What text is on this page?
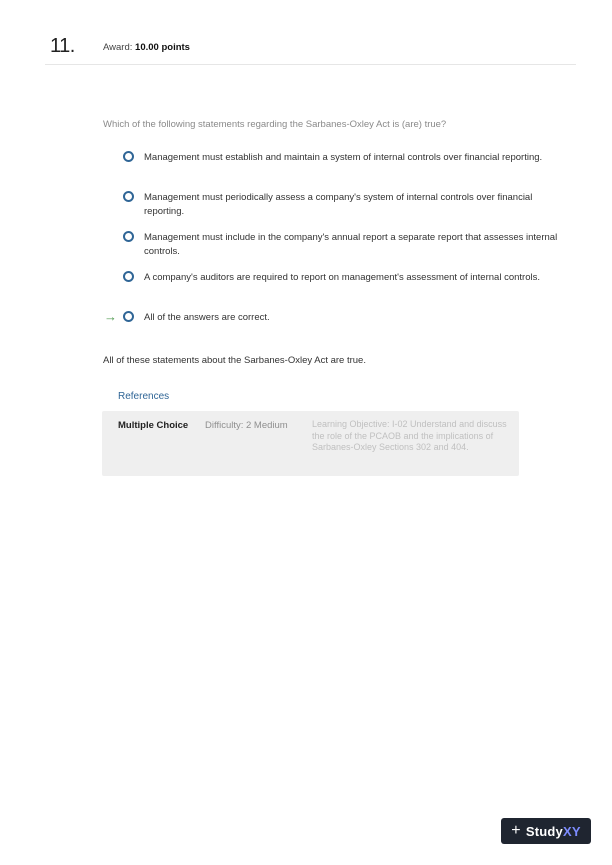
11.	Award: 10.00 points
Which of the following statements regarding the Sarbanes-Oxley Act is (are) true?
Management must establish and maintain a system of internal controls over financial reporting.
Management must periodically assess a company's system of internal controls over financial reporting.
Management must include in the company's annual report a separate report that assesses internal controls.
A company's auditors are required to report on management's assessment of internal controls.
All of the answers are correct.
→
All of these statements about the Sarbanes-Oxley Act are true.
References
Multiple Choice Difficulty: 2 Medium	Learning Objective: I-02 Understand and discuss the role of the PCAOB and the implications of Sarbanes-Oxley Sections 302 and 404.
+ Study XY
